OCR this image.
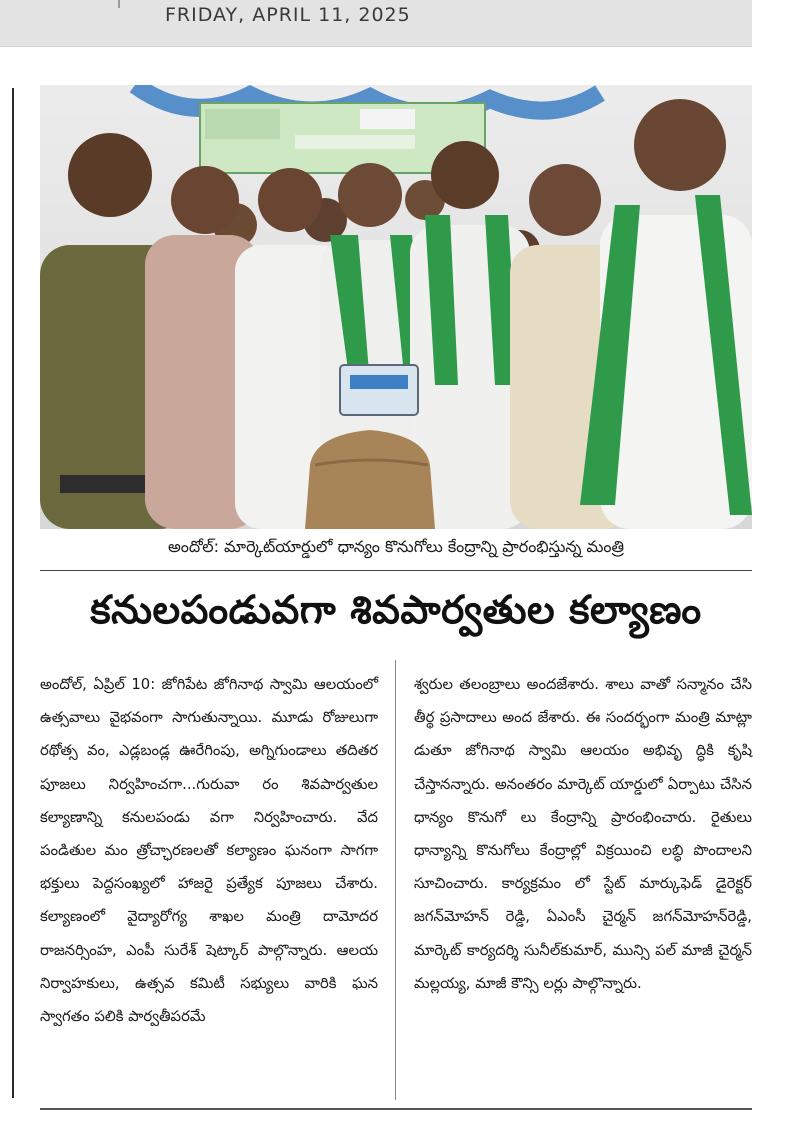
FRIDAY, APRIL 11, 2025
అందోల్: మార్కెట్‌యార్డులో ధాన్యం కొనుగోలు కేంద్రాన్ని ప్రారంభిస్తున్న మంత్రి
కనులపండువగా శివపార్వతుల కల్యాణం

అందోల్, ఏప్రిల్ 10: జోగిపేట జోగినాథ స్వామి ఆలయంలో ఉత్సవాలు వైభవంగా సాగుతున్నాయి. మూడు రోజులుగా రథోత్స వం, ఎడ్లబండ్ల ఊరేగింపు, అగ్నిగుండాలు తదితర పూజలు నిర్వహించగా...గురువా రం శివపార్వతుల కల్యాణాన్ని కనులపండు వగా నిర్వహించారు. వేద పండితుల మం త్రోచ్ఛారణలతో కల్యాణం ఘనంగా సాగగా భక్తులు పెద్దసంఖ్యలో హాజరై ప్రత్యేక పూజలు చేశారు. కల్యాణంలో వైద్యారోగ్య శాఖల మంత్రి దామోదర రాజనర్సింహ, ఎంపీ సురేశ్ షెట్కార్ పాల్గొన్నారు. ఆలయ నిర్వాహకులు, ఉత్సవ కమిటీ సభ్యులు వారికి ఘన స్వాగతం పలికి పార్వతీపరమే

శ్వరుల తలంబ్రాలు అందజేశారు. శాలు వాతో సన్మానం చేసి తీర్థ ప్రసాదాలు అంద జేశారు. ఈ సందర్భంగా మంత్రి మాట్లా డుతూ జోగినాథ స్వామి ఆలయం అభివృ ద్ధికి కృషి చేస్తానన్నారు. అనంతరం మార్కెట్ యార్డులో ఏర్పాటు చేసిన ధాన్యం కొనుగో లు కేంద్రాన్ని ప్రారంభించారు. రైతులు ధాన్యాన్ని కొనుగోలు కేంద్రాల్లో విక్రయించి లబ్ధి పొందాలని సూచించారు. కార్యక్రమం లో స్టేట్ మార్కుఫెడ్ డైరెక్టర్ జగన్‌మోహన్ రెడ్డి, ఏఎంసీ చైర్మన్ జగన్‌మోహన్‌రెడ్డి, మార్కెట్ కార్యదర్శి సునీల్‌కుమార్, మున్సి పల్ మాజీ చైర్మన్ మల్లయ్య, మాజీ కౌన్సి లర్లు పాల్గొన్నారు.
